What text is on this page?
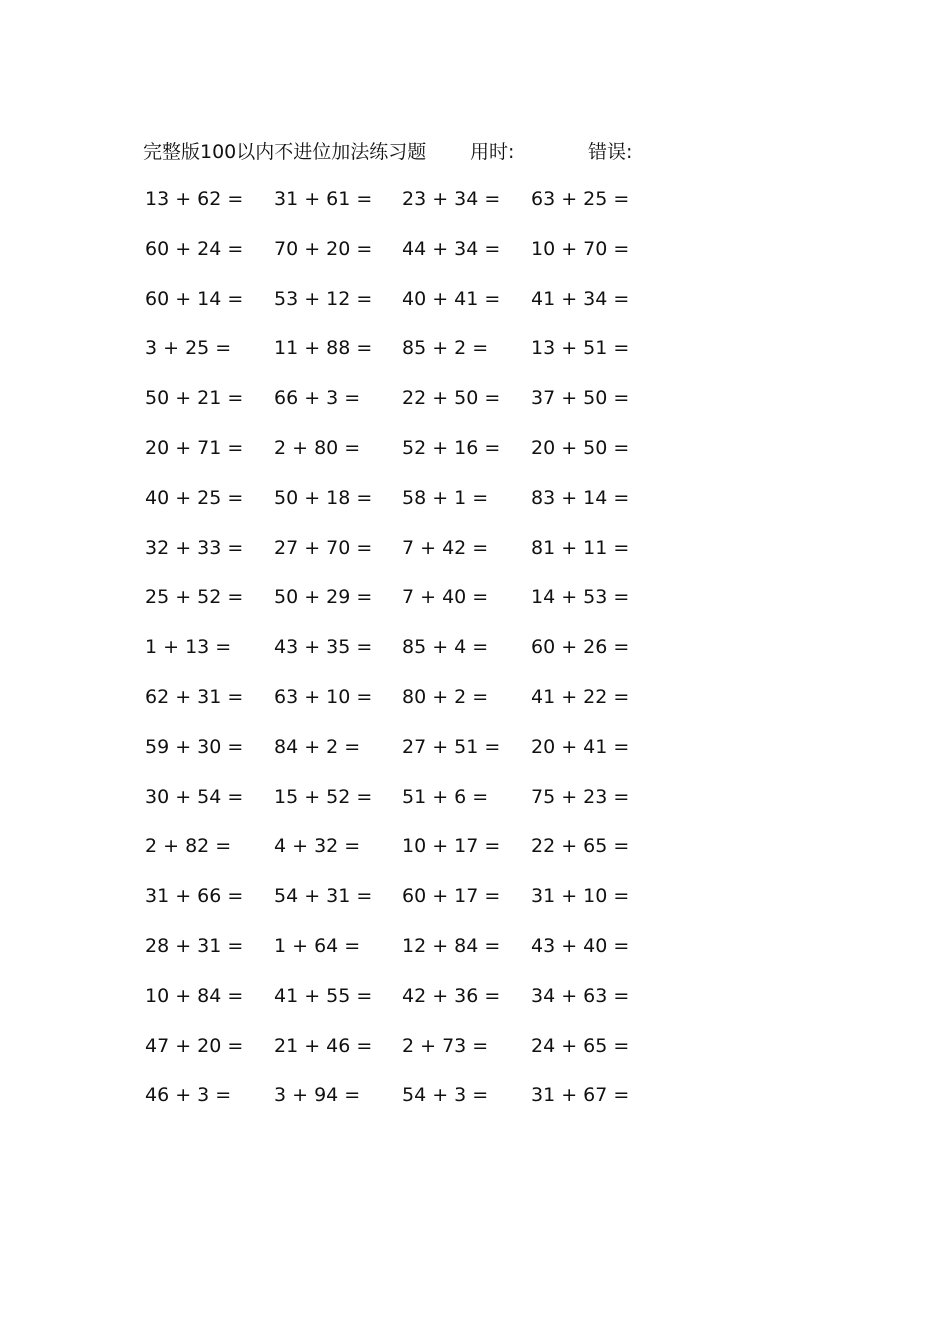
完整版100以内不进位加法练习题 用时:	错误:
13 + 62 = 31 + 61 = 23 + 34 = 63 + 25 =
60 + 24 = 70 + 20 = 44 + 34 = 10 + 70 =
60 + 14 = 53 + 12 = 40 + 41 = 41 + 34 =
3 + 25 = 11 + 88 = 85 + 2 = 13 + 51 =
50 + 21 = 66 + 3 = 22 + 50 = 37 + 50 =
20 + 71 = 2 + 80 = 52 + 16 = 20 + 50 =
40 + 25 = 50 + 18 = 58 + 1 = 83 + 14 =
32 + 33 = 27 + 70 = 7 + 42 = 81 + 11 =
25 + 52 = 50 + 29 = 7 + 40 = 14 + 53 =
1 + 13 = 43 + 35 = 85 + 4 = 60 + 26 =
62 + 31 = 63 + 10 = 80 + 2 = 41 + 22 =
59 + 30 = 84 + 2 = 27 + 51 = 20 + 41 =
30 + 54 = 15 + 52 = 51 + 6 = 75 + 23 =
2 + 82 = 4 + 32 = 10 + 17 = 22 + 65 =
31 + 66 = 54 + 31 = 60 + 17 = 31 + 10 =
28 + 31 = 1 + 64 = 12 + 84 = 43 + 40 =
10 + 84 = 41 + 55 = 42 + 36 = 34 + 63 =
47 + 20 = 21 + 46 = 2 + 73 = 24 + 65 =
46 + 3 = 3 + 94 = 54 + 3 = 31 + 67 =
